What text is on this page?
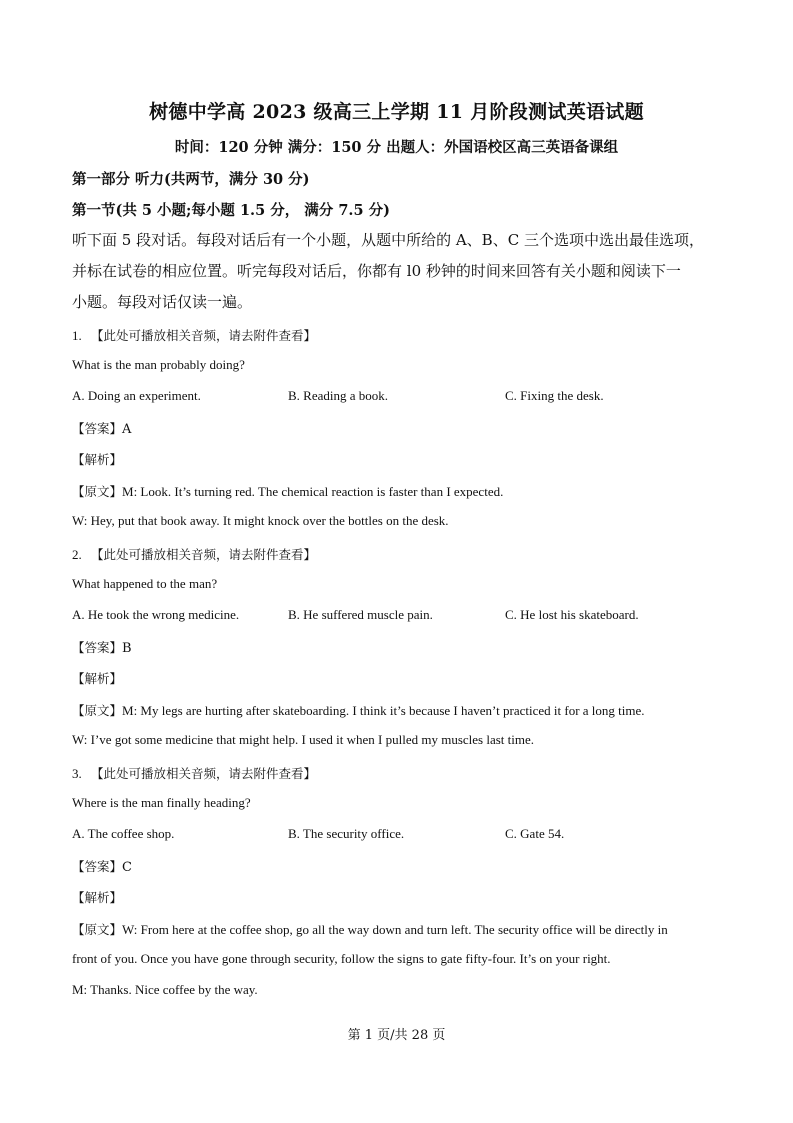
树德中学高 2023 级高三上学期 11 月阶段测试英语试题
时间：120 分钟 满分：150 分 出题人：外国语校区高三英语备课组
第一部分 听力(共两节，满分 30 分)
第一节(共 5 小题;每小题 1.5 分， 满分 7.5 分)
听下面 5 段对话。每段对话后有一个小题，从题中所给的 A、B、C 三个选项中选出最佳选项，
并标在试卷的相应位置。听完每段对话后，你都有 l0 秒钟的时间来回答有关小题和阅读下一
小题。每段对话仅读一遍。
1. 【此处可播放相关音频，请去附件查看】
What is the man probably doing?
A. Doing an experiment.	B. Reading a book.	C. Fixing the desk.
【答案】A
【解析】
【原文】M: Look. It’s turning red. The chemical reaction is faster than I expected.
W: Hey, put that book away. It might knock over the bottles on the desk.
2. 【此处可播放相关音频，请去附件查看】
What happened to the man?
A. He took the wrong medicine.	B. He suffered muscle pain.	C. He lost his skateboard.
【答案】B
【解析】
【原文】M: My legs are hurting after skateboarding. I think it’s because I haven’t practiced it for a long time.
W: I’ve got some medicine that might help. I used it when I pulled my muscles last time.
3. 【此处可播放相关音频，请去附件查看】
Where is the man finally heading?
A. The coffee shop.	B. The security office.	C. Gate 54.
【答案】C
【解析】
【原文】W: From here at the coffee shop, go all the way down and turn left. The security office will be directly in
front of you. Once you have gone through security, follow the signs to gate fifty-four. It’s on your right.
M: Thanks. Nice coffee by the way.
第 1 页/共 28 页
